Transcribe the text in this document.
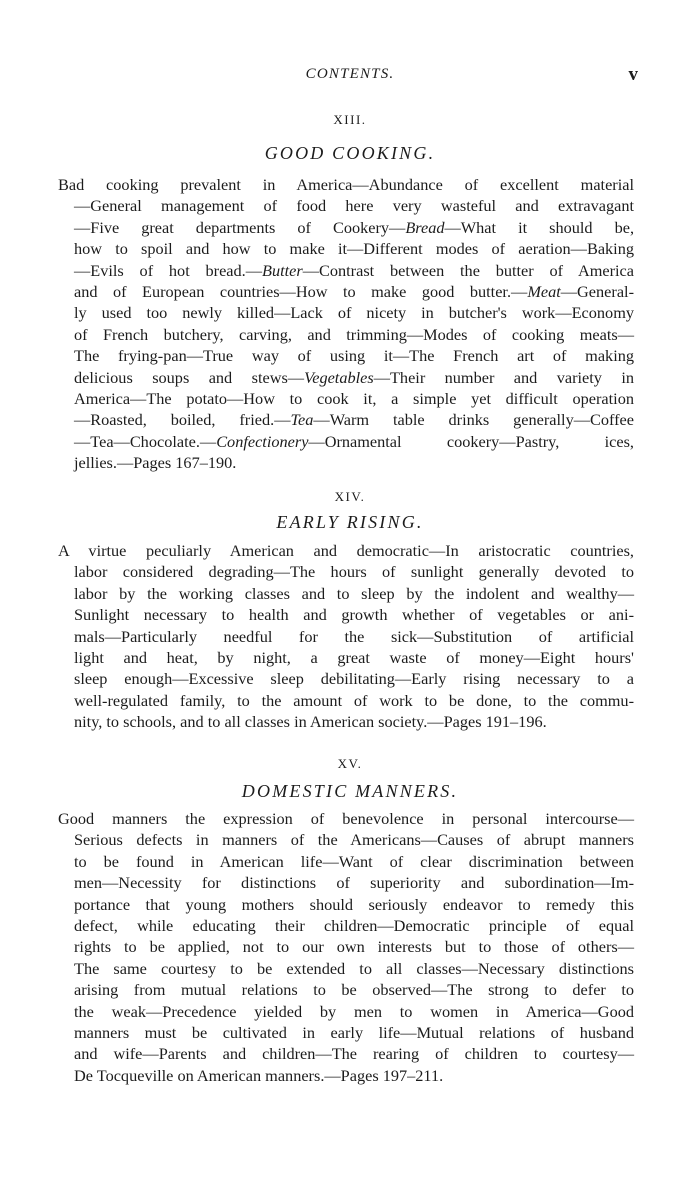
CONTENTS.	v
XIII.
GOOD COOKING.
Bad cooking prevalent in America—Abundance of excellent material
—General management of food here very wasteful and extravagant
—Five great departments of Cookery—Bread—What it should be,
how to spoil and how to make it—Different modes of aeration—Baking
—Evils of hot bread.—Butter—Contrast between the butter of America
and of European countries—How to make good butter.—Meat—General-
ly used too newly killed—Lack of nicety in butcher's work—Economy
of French butchery, carving, and trimming—Modes of cooking meats—
The frying-pan—True way of using it—The French art of making
delicious soups and stews—Vegetables—Their number and variety in
America—The potato—How to cook it, a simple yet difficult operation
—Roasted, boiled, fried.—Tea—Warm table drinks generally—Coffee
—Tea—Chocolate.—Confectionery—Ornamental cookery—Pastry, ices,
jellies.—Pages 167–190.
XIV.
EARLY RISING.
A virtue peculiarly American and democratic—In aristocratic countries,
labor considered degrading—The hours of sunlight generally devoted to
labor by the working classes and to sleep by the indolent and wealthy—
Sunlight necessary to health and growth whether of vegetables or ani-
mals—Particularly needful for the sick—Substitution of artificial
light and heat, by night, a great waste of money—Eight hours'
sleep enough—Excessive sleep debilitating—Early rising necessary to a
well-regulated family, to the amount of work to be done, to the commu-
nity, to schools, and to all classes in American society.—Pages 191–196.
XV.
DOMESTIC MANNERS.
Good manners the expression of benevolence in personal intercourse—
Serious defects in manners of the Americans—Causes of abrupt manners
to be found in American life—Want of clear discrimination between
men—Necessity for distinctions of superiority and subordination—Im-
portance that young mothers should seriously endeavor to remedy this
defect, while educating their children—Democratic principle of equal
rights to be applied, not to our own interests but to those of others—
The same courtesy to be extended to all classes—Necessary distinctions
arising from mutual relations to be observed—The strong to defer to
the weak—Precedence yielded by men to women in America—Good
manners must be cultivated in early life—Mutual relations of husband
and wife—Parents and children—The rearing of children to courtesy—
De Tocqueville on American manners.—Pages 197–211.
